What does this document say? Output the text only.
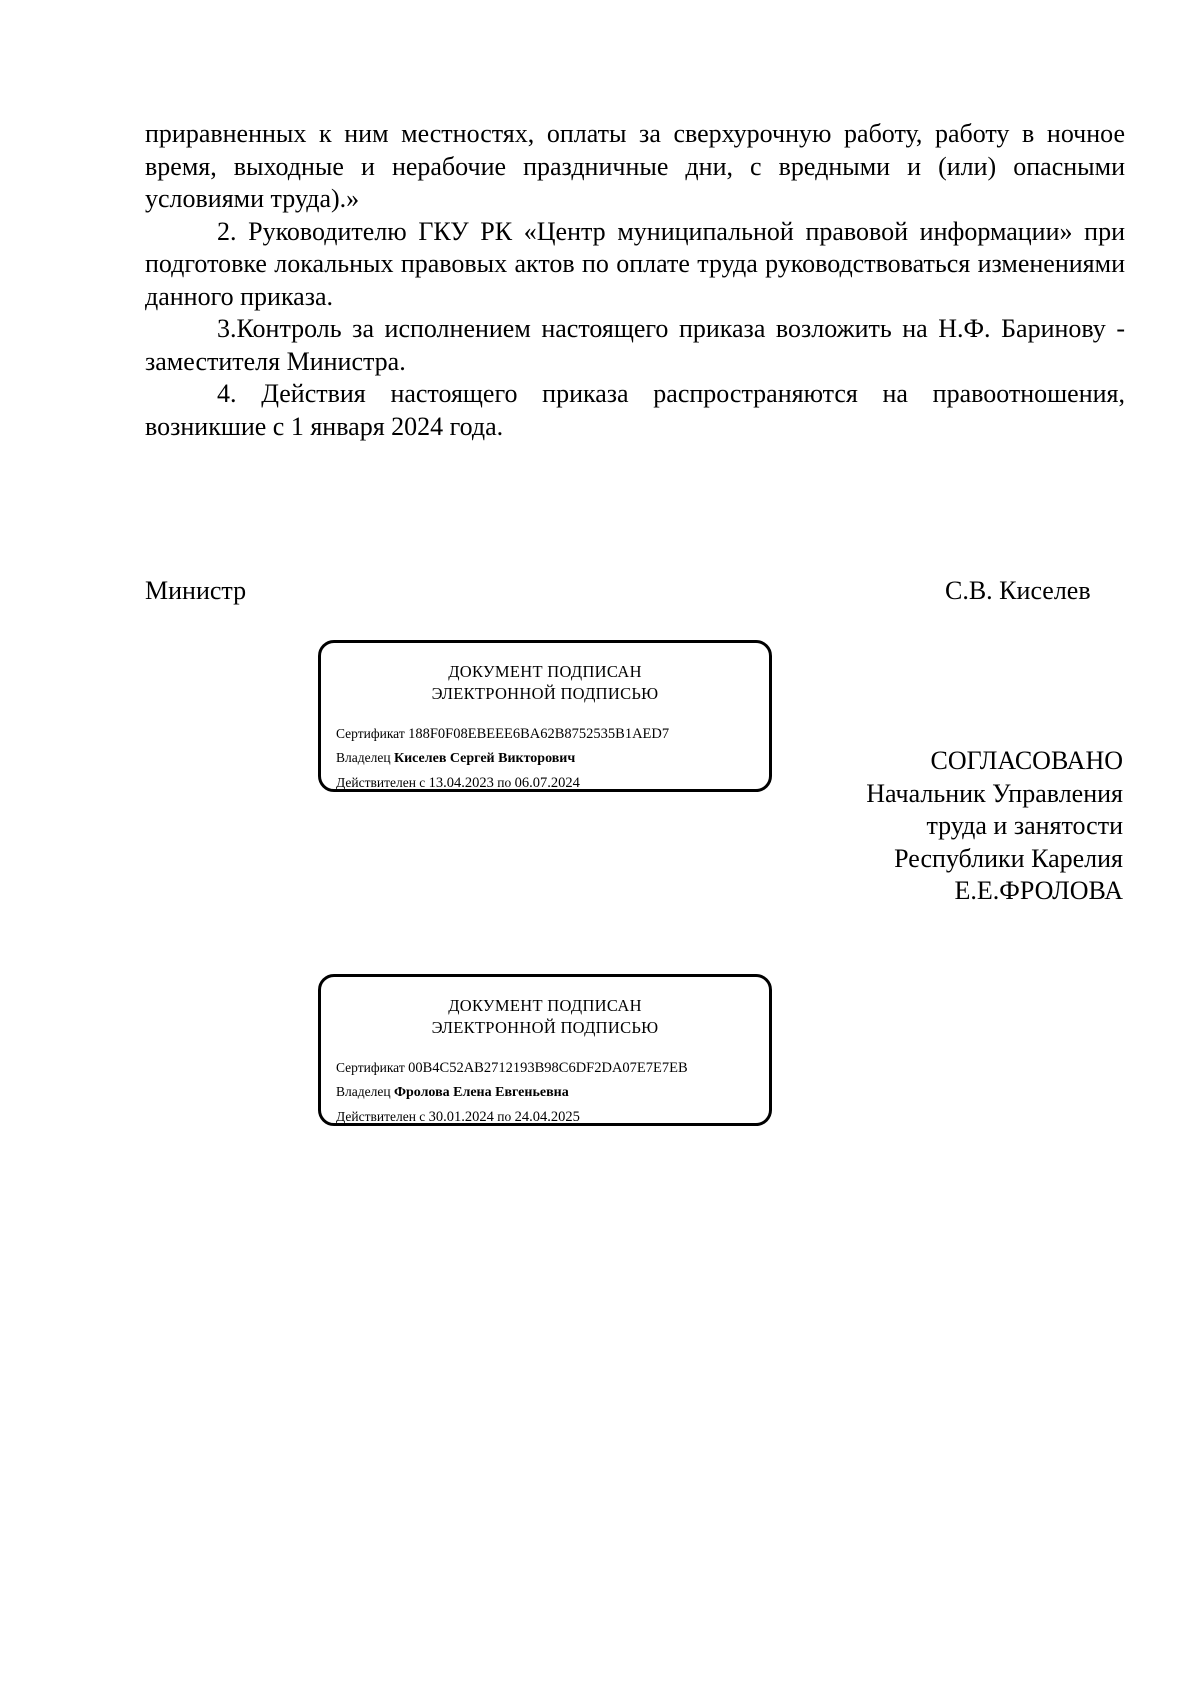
приравненных к ним местностях, оплаты за сверхурочную работу, работу в ночное время, выходные и нерабочие праздничные дни, с вредными и (или) опасными условиями труда).»

2. Руководителю ГКУ РК «Центр муниципальной правовой информации» при подготовке локальных правовых актов по оплате труда руководствоваться изменениями данного приказа.

3.Контроль за исполнением настоящего приказа возложить на Н.Ф. Баринову - заместителя Министра.

4. Действия настоящего приказа распространяются на правоотношения, возникшие с 1 января 2024 года.

Министр	С.В. Киселев
ДОКУМЕНТ ПОДПИСАН
ЭЛЕКТРОННОЙ ПОДПИСЬЮ
Сертификат 188F0F08EBEEE6BA62B8752535B1AED7
Владелец Киселев Сергей Викторович
Действителен с 13.04.2023 по 06.07.2024
СОГЛАСОВАНО
Начальник Управления
труда и занятости
Республики Карелия
Е.Е.ФРОЛОВА
ДОКУМЕНТ ПОДПИСАН
ЭЛЕКТРОННОЙ ПОДПИСЬЮ
Сертификат 00B4C52AB2712193B98C6DF2DA07E7E7EB
Владелец Фролова Елена Евгеньевна
Действителен с 30.01.2024 по 24.04.2025
